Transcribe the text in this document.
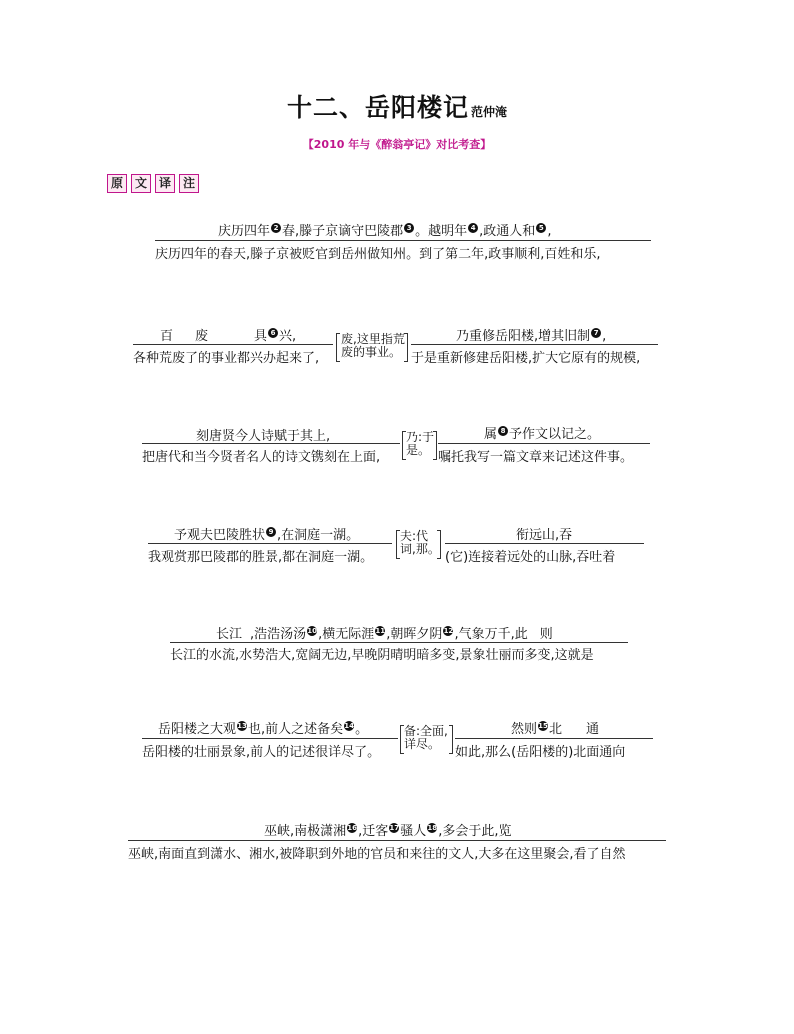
十二、岳阳楼记 范仲淹
【2010 年与《醉翁亭记》对比考查】
原 文 译 注
庆历四年 $^2$ 春,滕子京谪守巴陵郡 $^3$ 。越明年 $^4$ ,政通人和 $^5$ ,
庆历四年的春天,滕子京被贬官到岳州做知州。到了第二年,政事顺利,百姓和乐,
百 废	具 $^6$ 兴,
各种荒废了的事业都兴办起来了,
废,这里指荒
废的事业。
乃重修岳阳楼,增其旧制 $^7$ ,
于是重新修建岳阳楼,扩大它原有的规模,
刻唐贤今人诗赋于其上,
把唐代和当今贤者名人的诗文镌刻在上面,
乃:于
是。
属 $^8$ 予作文以记之。
嘱托我写一篇文章来记述这件事。
予观夫巴陵胜状 $^9$ ,在洞庭一湖。
我观赏那巴陵郡的胜景,都在洞庭一湖。
夫:代
词,那。
衔远山,吞
(它)连接着远处的山脉,吞吐着
长江 ,浩浩汤汤$^{10}$,横无际涯$^{11}$,朝晖夕阴$^{12}$,气象万千,此 则
长江的水流,水势浩大,宽阔无边,早晚阴晴明暗多变,景象壮丽而多变,这就是
岳阳楼之大观$^{13}$也,前人之述备矣$^{14}$。
岳阳楼的壮丽景象,前人的记述很详尽了。
备:全面,
详尽。
然则$^{15}$北 通
如此,那么(岳阳楼的)北面通向
巫峡,南极潇湘$^{16}$,迁客$^{17}$骚人$^{18}$,多会于此,览
巫峡,南面直到潇水、湘水,被降职到外地的官员和来往的文人,大多在这里聚会,看了自然
